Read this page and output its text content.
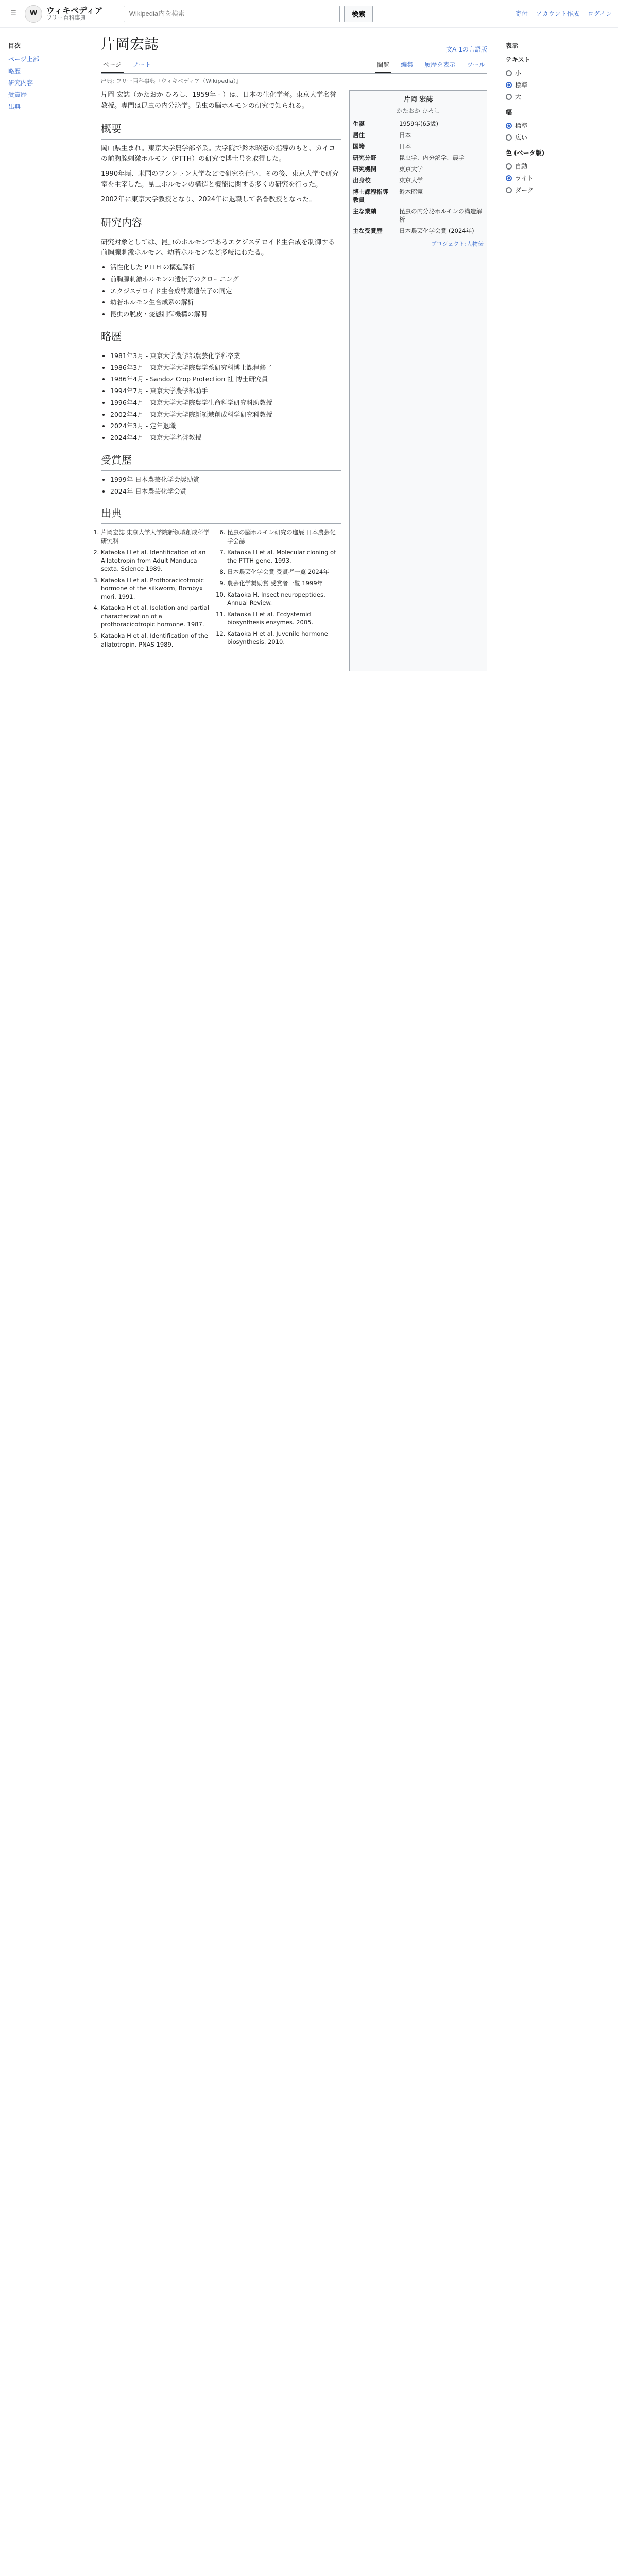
☰	W	ウィキペディア
フリー百科事典
Wikipedia内を検索	検索	寄付 アカウント作成 ログイン
目次
ページ上部
略歴
研究内容
受賞歴
出典
片岡宏誌	文A 1の言語版
ページ	ノート	閲覧	編集	履歴を表示	ツール
出典: フリー百科事典『ウィキペディア（Wikipedia）』

片岡 宏誌（かたおか ひろし、1959年 - ）は、日本の生化学者。東京大学名誉教授。専門は昆虫の内分泌学。昆虫の脳ホルモンの研究で知られる。

概要

岡山県生まれ。東京大学農学部卒業。大学院で鈴木昭憲の指導のもと、カイコの前胸腺刺激ホルモン（PTTH）の研究で博士号を取得した。

1990年頃、米国のワシントン大学などで研究を行い、その後、東京大学で研究室を主宰した。昆虫ホルモンの構造と機能に関する多くの研究を行った。

2002年に東京大学教授となり、2024年に退職して名誉教授となった。

研究内容

研究対象としては、昆虫のホルモンであるエクジステロイド生合成を制御する前胸腺刺激ホルモン、幼若ホルモンなど多岐にわたる。

• 活性化した PTTH の構造解析
• 前胸腺刺激ホルモンの遺伝子のクローニング
• エクジステロイド生合成酵素遺伝子の同定
• 幼若ホルモン生合成系の解析
• 昆虫の脱皮・変態制御機構の解明
略歴
• 1981年3月 - 東京大学農学部農芸化学科卒業
• 1986年3月 - 東京大学大学院農学系研究科博士課程修了
• 1986年4月 - Sandoz Crop Protection 社 博士研究員
• 1994年7月 - 東京大学農学部助手
• 1996年4月 - 東京大学大学院農学生命科学研究科助教授
• 2002年4月 - 東京大学大学院新領域創成科学研究科教授
• 2024年3月 - 定年退職
• 2024年4月 - 東京大学名誉教授
受賞歴
• 1999年 日本農芸化学会奨励賞
• 2024年 日本農芸化学会賞
出典
1. 片岡宏誌 東京大学大学院新領域創成科学研究科
2. Kataoka H et al. Identification of an Allatotropin from Adult Manduca sexta. Science 1989.
3. Kataoka H et al. Prothoracicotropic hormone of the silkworm, Bombyx mori. 1991.
4. Kataoka H et al. Isolation and partial characterization of a prothoracicotropic hormone. 1987.
5. Kataoka H et al. Identification of the allatotropin. PNAS 1989.
6. 昆虫の脳ホルモン研究の進展 日本農芸化学会誌
7. Kataoka H et al. Molecular cloning of the PTTH gene. 1993.
8. 日本農芸化学会賞 受賞者一覧 2024年
9. 農芸化学奨励賞 受賞者一覧 1999年
10. Kataoka H. Insect neuropeptides. Annual Review.
11. Kataoka H et al. Ecdysteroid biosynthesis enzymes. 2005.
12. Kataoka H et al. Juvenile hormone biosynthesis. 2010.
片岡 宏誌
かたおか ひろし
生誕	1959年(65歳)
居住	日本
国籍	日本
研究分野	昆虫学、内分泌学、農学
研究機関	東京大学
出身校	東京大学
博士課程指導教員	鈴木昭憲
主な業績	昆虫の内分泌ホルモンの構造解析
主な受賞歴	日本農芸化学会賞 (2024年)
プロジェクト:人物伝
表示
テキスト
小
標準
大
幅
標準
広い
色 (ベータ版)
自動
ライト
ダーク
